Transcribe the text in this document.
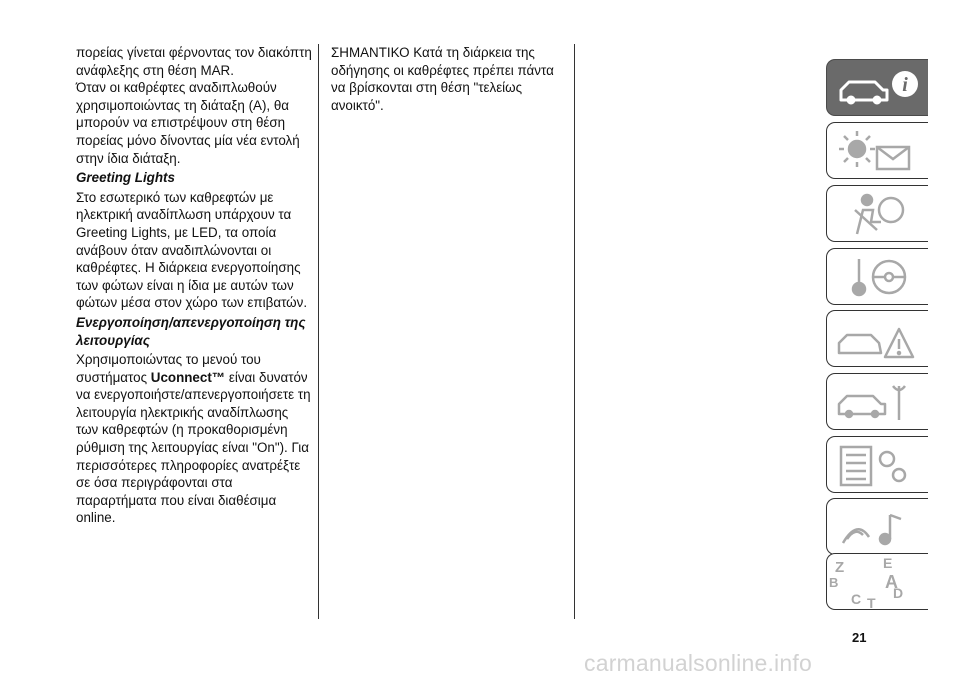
πορείας γίνεται φέρνοντας τον διακόπτη ανάφλεξης στη θέση MAR.

Όταν οι καθρέφτες αναδιπλωθούν χρησιμοποιώντας τη διάταξη (A), θα μπορούν να επιστρέψουν στη θέση πορείας μόνο δίνοντας μία νέα εντολή στην ίδια διάταξη.

Greeting Lights

Στο εσωτερικό των καθρεφτών με ηλεκτρική αναδίπλωση υπάρχουν τα Greeting Lights, με LED, τα οποία ανάβουν όταν αναδιπλώνονται οι καθρέφτες. Η διάρκεια ενεργοποίησης των φώτων είναι η ίδια με αυτών των φώτων μέσα στον χώρο των επιβατών.

Ενεργοποίηση/απενεργοποίηση της λειτουργίας

Χρησιμοποιώντας το μενού του συστήματος Uconnect™ είναι δυνατόν να ενεργοποιήστε/απενεργοποιήσετε τη λειτουργία ηλεκτρικής αναδίπλωσης των καθρεφτών (η προκαθορισμένη ρύθμιση της λειτουργίας είναι "On"). Για περισσότερες πληροφορίες ανατρέξτε σε όσα περιγράφονται στα παραρτήματα που είναι διαθέσιμα online.

ΣΗΜΑΝΤΙΚΟ Κατά τη διάρκεια της οδήγησης οι καθρέφτες πρέπει πάντα να βρίσκονται στη θέση "τελείως ανοικτό".

i
Z	E
B	A
C T
D
21
carmanualsonline.info
